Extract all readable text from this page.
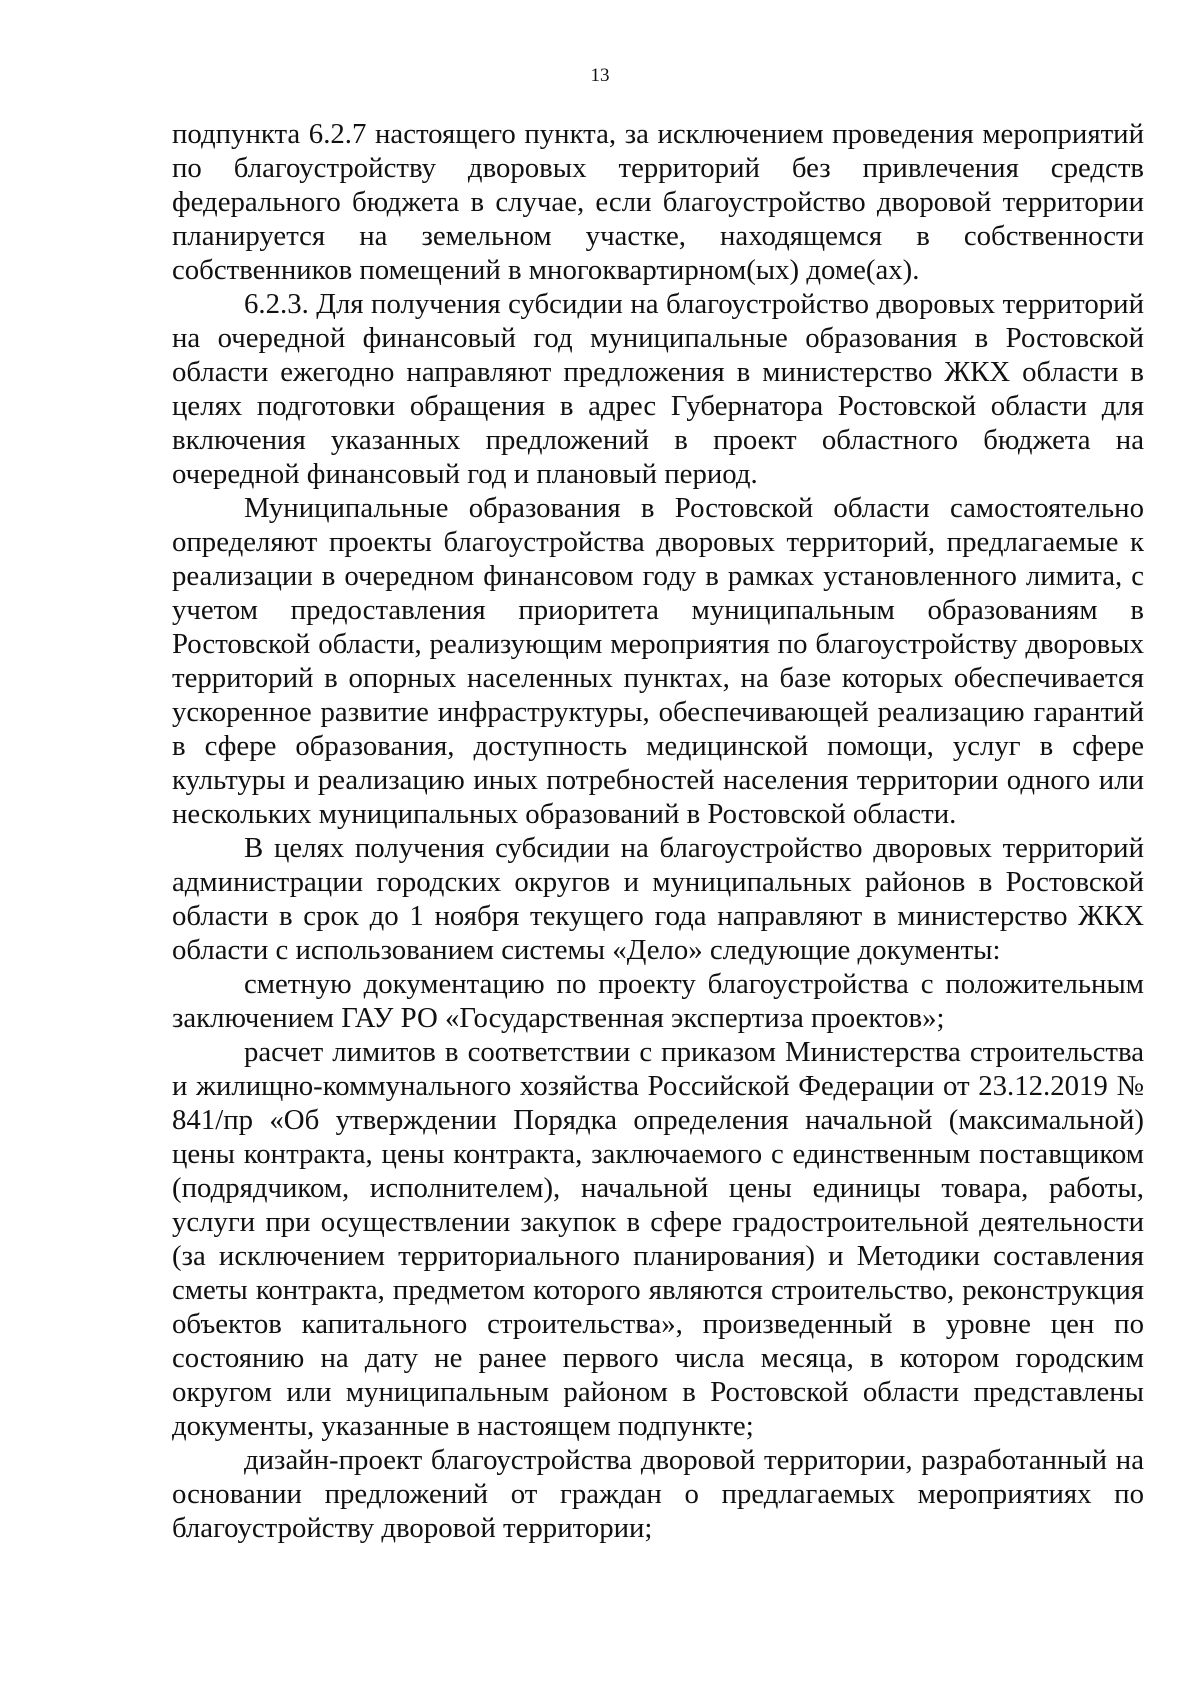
13

подпункта 6.2.7 настоящего пункта, за исключением проведения мероприятий по благоустройству дворовых территорий без привлечения средств федерального бюджета в случае, если благоустройство дворовой территории планируется на земельном участке, находящемся в собственности собственников помещений в многоквартирном(ых) доме(ах).

6.2.3. Для получения субсидии на благоустройство дворовых территорий на очередной финансовый год муниципальные образования в Ростовской области ежегодно направляют предложения в министерство ЖКХ области в целях подготовки обращения в адрес Губернатора Ростовской области для включения указанных предложений в проект областного бюджета на очередной финансовый год и плановый период.

Муниципальные образования в Ростовской области самостоятельно определяют проекты благоустройства дворовых территорий, предлагаемые к реализации в очередном финансовом году в рамках установленного лимита, с учетом предоставления приоритета муниципальным образованиям в Ростовской области, реализующим мероприятия по благоустройству дворовых территорий в опорных населенных пунктах, на базе которых обеспечивается ускоренное развитие инфраструктуры, обеспечивающей реализацию гарантий в сфере образования, доступность медицинской помощи, услуг в сфере культуры и реализацию иных потребностей населения территории одного или нескольких муниципальных образований в Ростовской области.

В целях получения субсидии на благоустройство дворовых территорий администрации городских округов и муниципальных районов в Ростовской области в срок до 1 ноября текущего года направляют в министерство ЖКХ области с использованием системы «Дело» следующие документы:

сметную документацию по проекту благоустройства с положительным заключением ГАУ РО «Государственная экспертиза проектов»;

расчет лимитов в соответствии с приказом Министерства строительства и жилищно-коммунального хозяйства Российской Федерации от 23.12.2019 № 841/пр «Об утверждении Порядка определения начальной (максимальной) цены контракта, цены контракта, заключаемого с единственным поставщиком (подрядчиком, исполнителем), начальной цены единицы товара, работы, услуги при осуществлении закупок в сфере градостроительной деятельности (за исключением территориального планирования) и Методики составления сметы контракта, предметом которого являются строительство, реконструкция объектов капитального строительства», произведенный в уровне цен по состоянию на дату не ранее первого числа месяца, в котором городским округом или муниципальным районом в Ростовской области представлены документы, указанные в настоящем подпункте;

дизайн-проект благоустройства дворовой территории, разработанный на основании предложений от граждан о предлагаемых мероприятиях по благоустройству дворовой территории;
